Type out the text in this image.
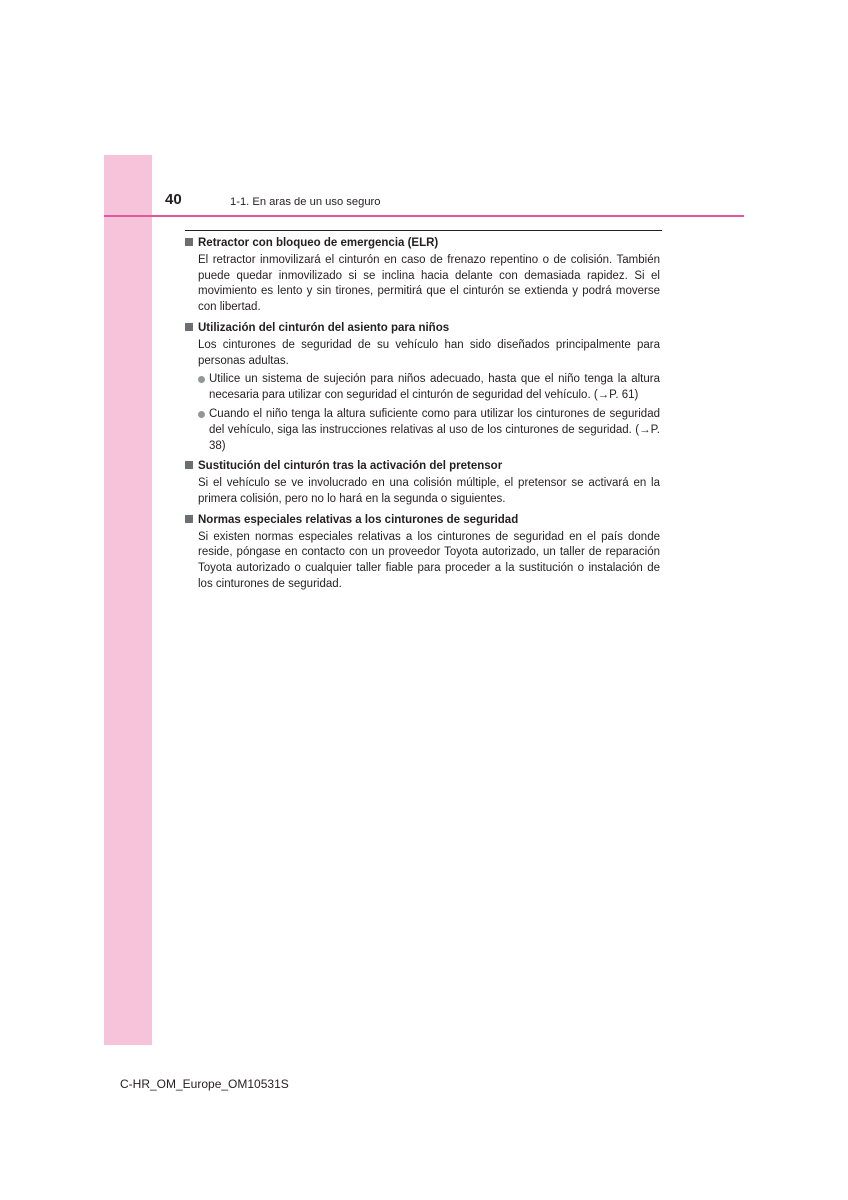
40	1-1. En aras de un uso seguro

Retractor con bloqueo de emergencia (ELR)

El retractor inmovilizará el cinturón en caso de frenazo repentino o de colisión. También puede quedar inmovilizado si se inclina hacia delante con demasiada rapidez. Si el movimiento es lento y sin tirones, permitirá que el cinturón se extienda y podrá moverse con libertad.

Utilización del cinturón del asiento para niños

Los cinturones de seguridad de su vehículo han sido diseñados principalmente para personas adultas.

Utilice un sistema de sujeción para niños adecuado, hasta que el niño tenga la altura necesaria para utilizar con seguridad el cinturón de seguridad del vehículo. (→P. 61)
Cuando el niño tenga la altura suficiente como para utilizar los cinturones de seguridad del vehículo, siga las instrucciones relativas al uso de los cinturones de seguridad. (→P. 38)

Sustitución del cinturón tras la activación del pretensor

Si el vehículo se ve involucrado en una colisión múltiple, el pretensor se activará en la primera colisión, pero no lo hará en la segunda o siguientes.

Normas especiales relativas a los cinturones de seguridad

Si existen normas especiales relativas a los cinturones de seguridad en el país donde reside, póngase en contacto con un proveedor Toyota autorizado, un taller de reparación Toyota autorizado o cualquier taller fiable para proceder a la sustitución o instalación de los cinturones de seguridad.

C-HR_OM_Europe_OM10531S
